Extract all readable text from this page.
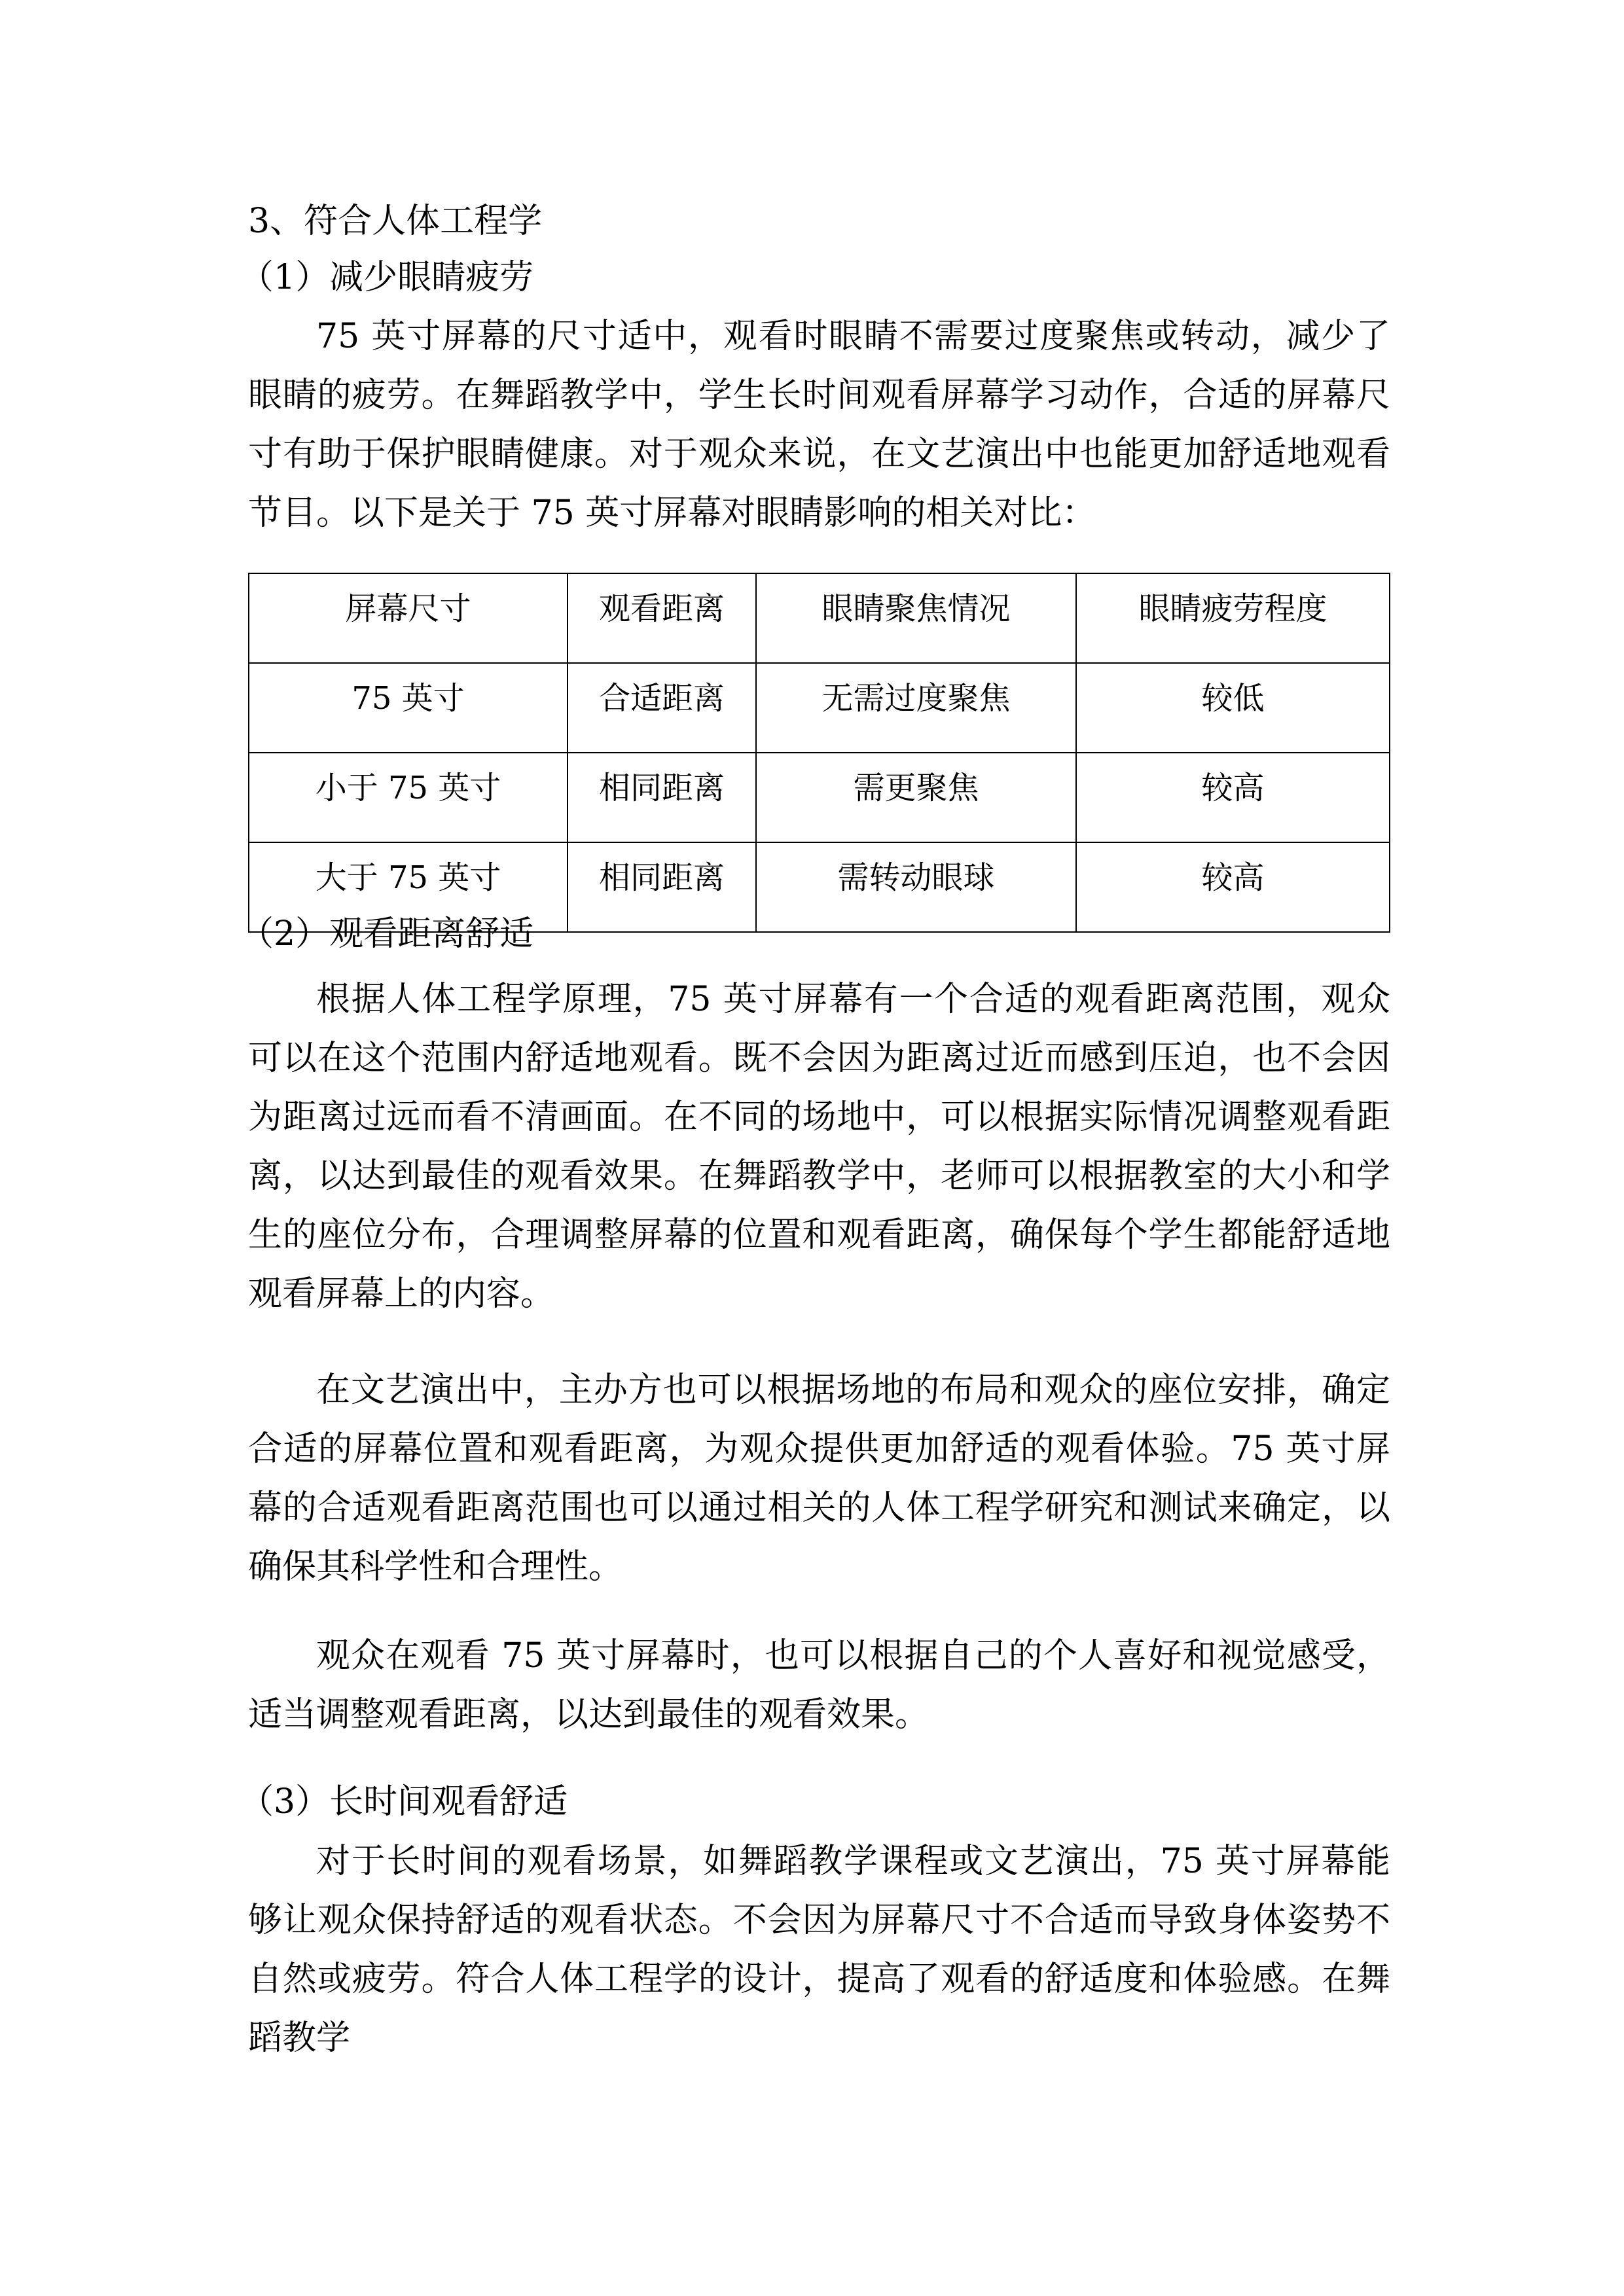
3、符合人体工程学
（1）减少眼睛疲劳
75 英寸屏幕的尺寸适中，观看时眼睛不需要过度聚焦或转动，减少了眼睛的疲劳。在舞蹈教学中，学生长时间观看屏幕学习动作，合适的屏幕尺寸有助于保护眼睛健康。对于观众来说，在文艺演出中也能更加舒适地观看节目。以下是关于 75 英寸屏幕对眼睛影响的相关对比：
屏幕尺寸	观看距离	眼睛聚焦情况	眼睛疲劳程度
75 英寸	合适距离	无需过度聚焦	较低
小于 75 英寸	相同距离	需更聚焦	较高
大于 75 英寸	相同距离	需转动眼球	较高
（2）观看距离舒适
根据人体工程学原理，75 英寸屏幕有一个合适的观看距离范围，观众可以在这个范围内舒适地观看。既不会因为距离过近而感到压迫，也不会因为距离过远而看不清画面。在不同的场地中，可以根据实际情况调整观看距离，以达到最佳的观看效果。在舞蹈教学中，老师可以根据教室的大小和学生的座位分布，合理调整屏幕的位置和观看距离，确保每个学生都能舒适地观看屏幕上的内容。
在文艺演出中，主办方也可以根据场地的布局和观众的座位安排，确定合适的屏幕位置和观看距离，为观众提供更加舒适的观看体验。75 英寸屏幕的合适观看距离范围也可以通过相关的人体工程学研究和测试来确定，以确保其科学性和合理性。
观众在观看 75 英寸屏幕时，也可以根据自己的个人喜好和视觉感受，适当调整观看距离，以达到最佳的观看效果。
（3）长时间观看舒适
对于长时间的观看场景，如舞蹈教学课程或文艺演出，75 英寸屏幕能够让观众保持舒适的观看状态。不会因为屏幕尺寸不合适而导致身体姿势不自然或疲劳。符合人体工程学的设计，提高了观看的舒适度和体验感。在舞蹈教学
